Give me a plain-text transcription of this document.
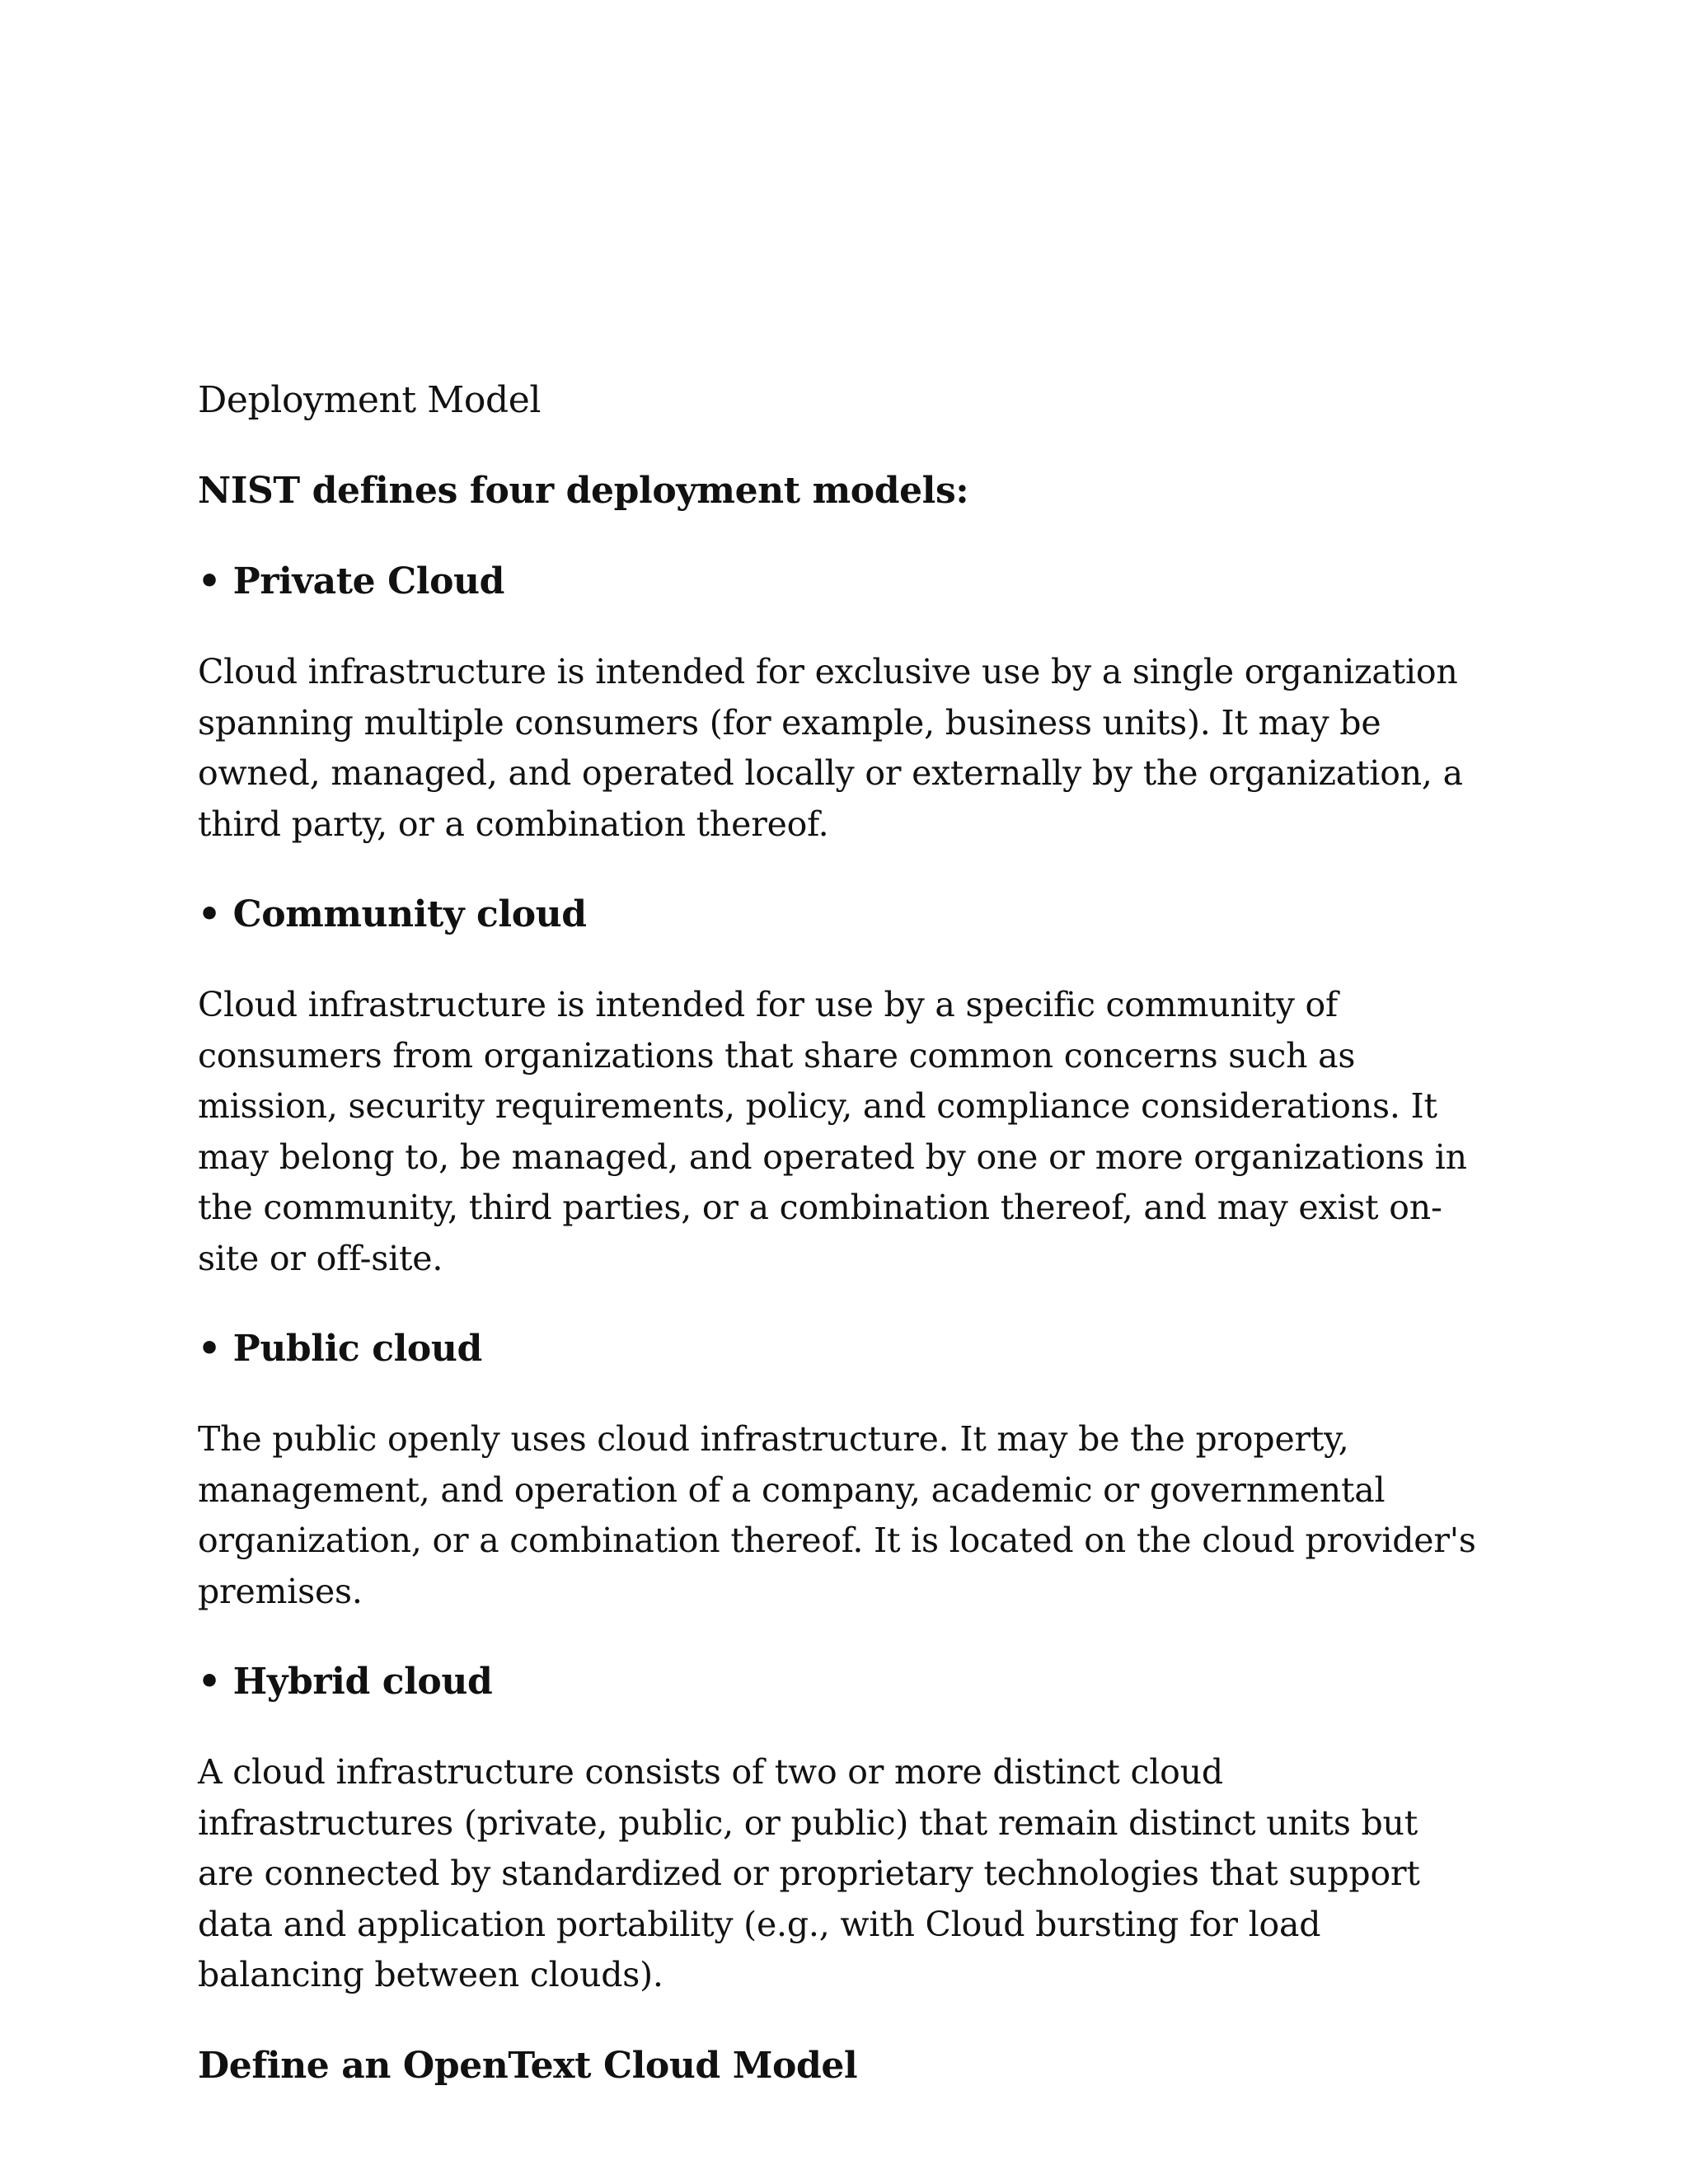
Deployment Model
NIST defines four deployment models:
• Private Cloud

Cloud infrastructure is intended for exclusive use by a single organization spanning multiple consumers (for example, business units). It may be owned, managed, and operated locally or externally by the organization, a third party, or a combination thereof.

• Community cloud

Cloud infrastructure is intended for use by a specific community of consumers from organizations that share common concerns such as mission, security requirements, policy, and compliance considerations. It may belong to, be managed, and operated by one or more organizations in the community, third parties, or a combination thereof, and may exist on-site or off-site.

• Public cloud

The public openly uses cloud infrastructure. It may be the property, management, and operation of a company, academic or governmental organization, or a combination thereof. It is located on the cloud provider's premises.

• Hybrid cloud

A cloud infrastructure consists of two or more distinct cloud infrastructures (private, public, or public) that remain distinct units but are connected by standardized or proprietary technologies that support data and application portability (e.g., with Cloud bursting for load balancing between clouds).

Define an OpenText Cloud Model
